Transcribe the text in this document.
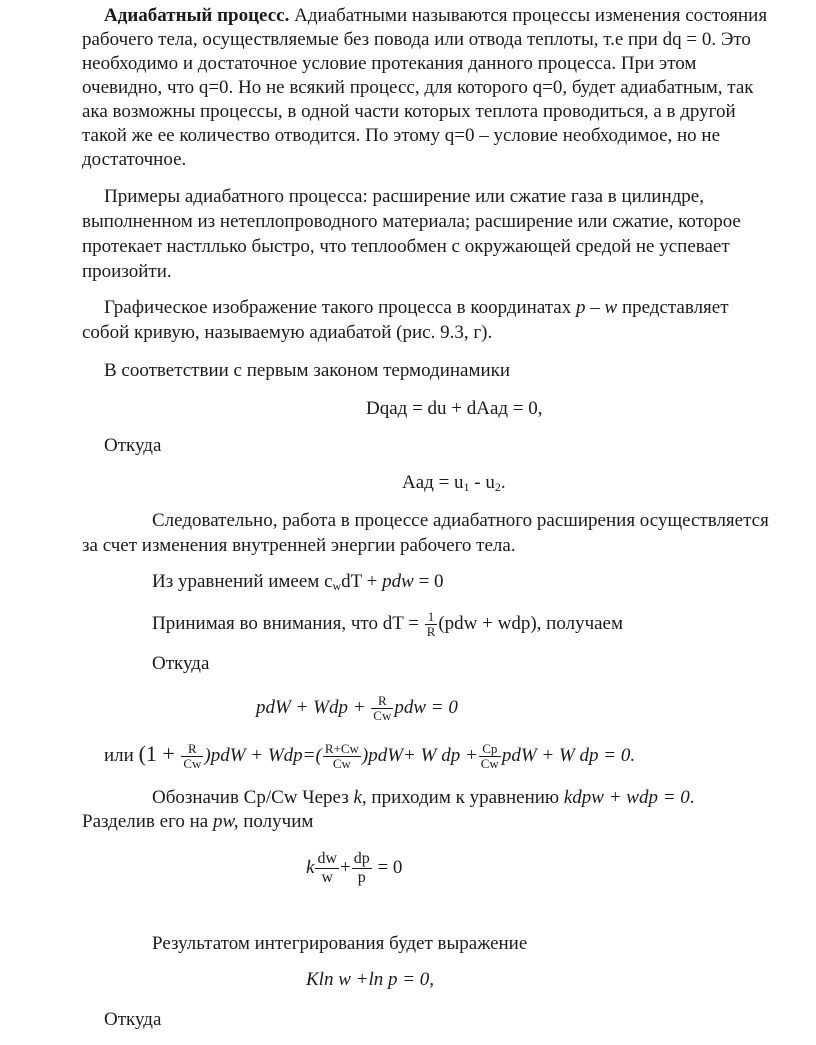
Адиабатный процесс. Адиабатными называются процессы изменения состояния
рабочего тела, осуществляемые без повода или отвода теплоты, т.е при dq = 0. Это
необходимо и достаточное условие протекания данного процесса. При этом
очевидно, что q=0. Но не всякий процесс, для которого q=0, будет адиабатным, так
ака возможны процессы, в одной части которых теплота проводиться, а в другой
такой же ее количество отводится. По этому q=0 – условие необходимое, но не
достаточное.
Примеры адиабатного процесса: расширение или сжатие газа в цилиндре,
выполненном из нетеплопроводного материала; расширение или сжатие, которое
протекает настллько быстро, что теплообмен с окружающей средой не успевает
произойти.
Графическое изображение такого процесса в координатах p – w представляет
собой кривую, называемую адиабатой (рис. 9.3, г).
В соответствии с первым законом термодинамики
Dqад = du + dAад = 0,
Откуда
Aад = $u_1 - u_2$.
Следовательно, работа в процессе адиабатного расширения осуществляется
за счет изменения внутренней энергии рабочего тела.
Из уравнений имеем $c_wdT$ + pdw = 0
Принимая во внимания, что dT = $\frac{1}{R} (pdw + wdp)$, получаем
Откуда
pdW + Wdp + $\frac{R}{Cw}$ pdw = 0
или $(1 + \frac{R}{Cw} )pdW + Wdp=( \frac{R+Cw}{Cw} )pdW+ W$ dp + $\frac{Cp}{Cw}$ pdW + W dp = 0.
Обозначив Cp/Cw Через k, приходим к уравнению kdpw + wdp = 0.
Разделив его на pw, получим
k $\frac{dw}{w} + \frac{dp}{p} = 0$
Результатом интегрирования будет выражение
Kln w +ln p = 0,
Откуда
